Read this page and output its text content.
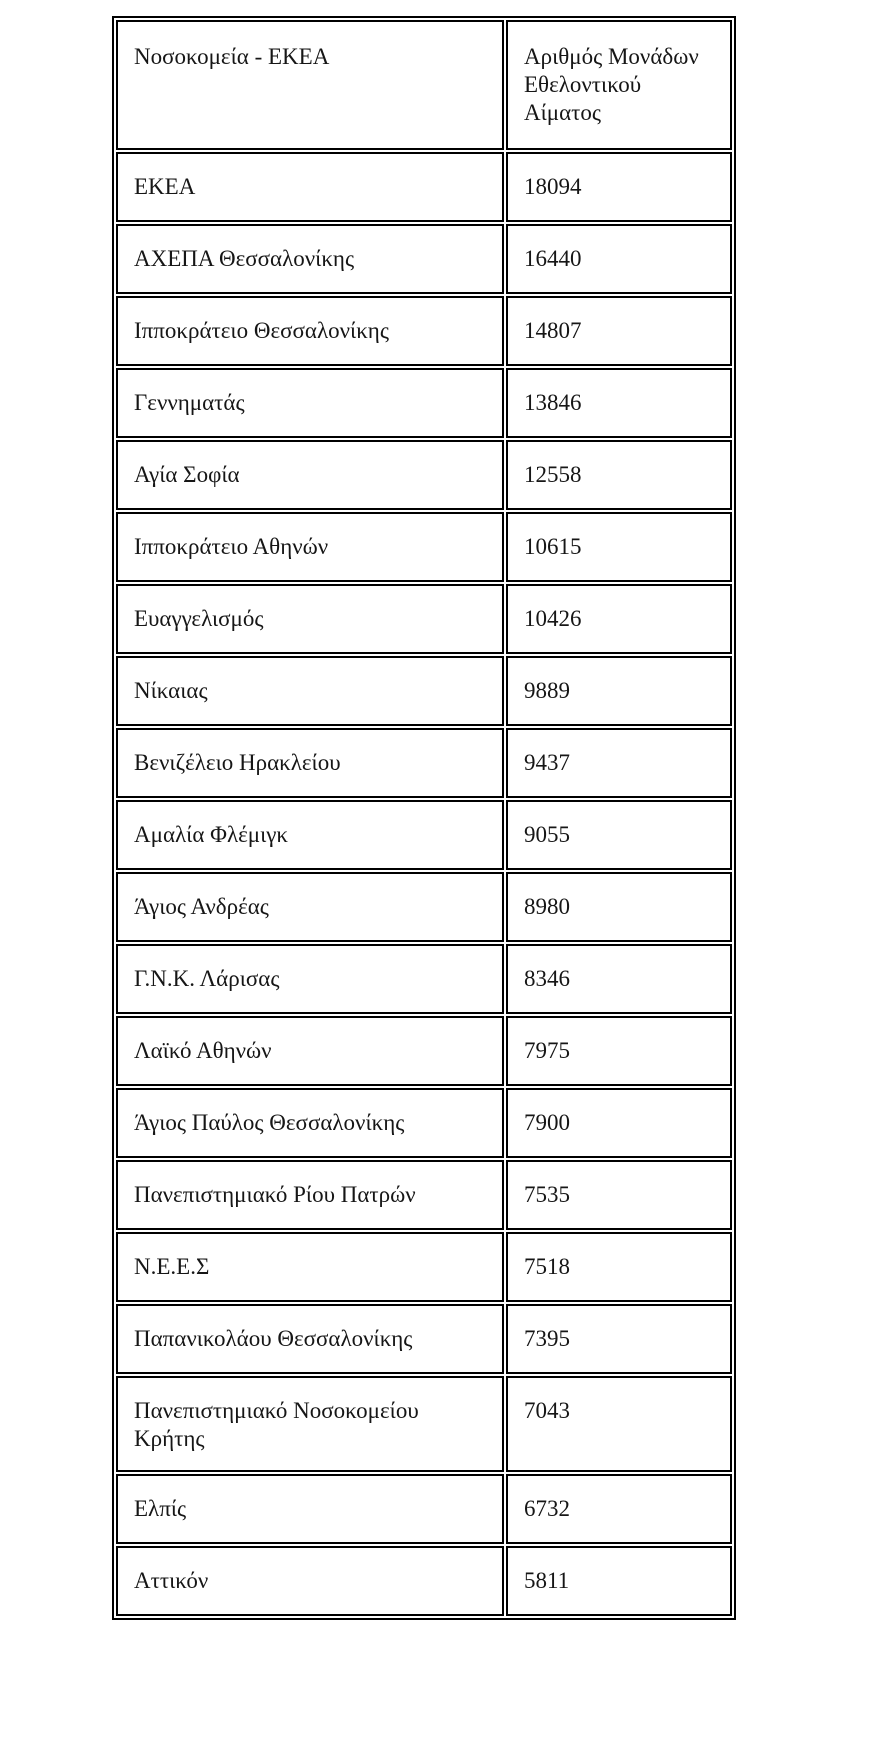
Νοσοκομεία - ΕΚΕΑ	Αριθμός Μονάδων Εθελοντικού Αίματος
ΕΚΕΑ	18094
ΑΧΕΠΑ Θεσσαλονίκης	16440
Ιπποκράτειο Θεσσαλονίκης	14807
Γεννηματάς	13846
Αγία Σοφία	12558
Ιπποκράτειο Αθηνών	10615
Ευαγγελισμός	10426
Νίκαιας	9889
Βενιζέλειο Ηρακλείου	9437
Αμαλία Φλέμιγκ	9055
Άγιος Ανδρέας	8980
Γ.Ν.Κ. Λάρισας	8346
Λαϊκό Αθηνών	7975
Άγιος Παύλος Θεσσαλονίκης	7900
Πανεπιστημιακό Ρίου Πατρών	7535
Ν.Ε.Ε.Σ	7518
Παπανικολάου Θεσσαλονίκης	7395
Πανεπιστημιακό Νοσοκομείου Κρήτης	7043
Ελπίς	6732
Αττικόν	5811
